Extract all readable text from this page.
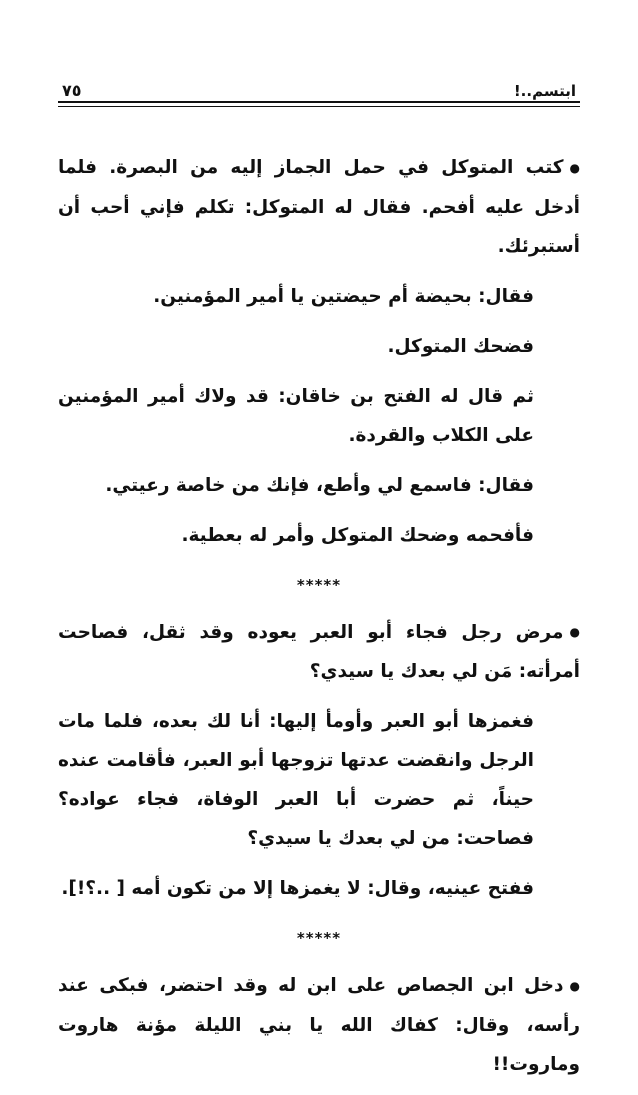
ابتسم..!
٧٥

●كتب المتوكل في حمل الجماز إليه من البصرة. فلما أدخل عليه أفحم. فقال له المتوكل: تكلم فإني أحب أن أستبرئك.

فقال: بحيضة أم حيضتين يا أمير المؤمنين.

فضحك المتوكل.

ثم قال له الفتح بن خاقان: قد ولاك أمير المؤمنين على الكلاب والقردة.

فقال: فاسمع لي وأطع، فإنك من خاصة رعيتي.

فأفحمه وضحك المتوكل وأمر له بعطية.

*****

●مرض رجل فجاء أبو العبر يعوده وقد ثقل، فصاحت أمرأته: مَن لي بعدك يا سيدي؟

فغمزها أبو العبر وأومأ إليها: أنا لك بعده، فلما مات الرجل وانقضت عدتها تزوجها أبو العبر، فأقامت عنده حيناً، ثم حضرت أبا العبر الوفاة، فجاء عواده؟ فصاحت: من لي بعدك يا سيدي؟

ففتح عينيه، وقال: لا يغمزها إلا من تكون أمه [ ..؟!].

*****

●دخل ابن الجصاص على ابن له وقد احتضر، فبكى عند رأسه، وقال: كفاك الله يا بني الليلة مؤنة هاروت وماروت!!
